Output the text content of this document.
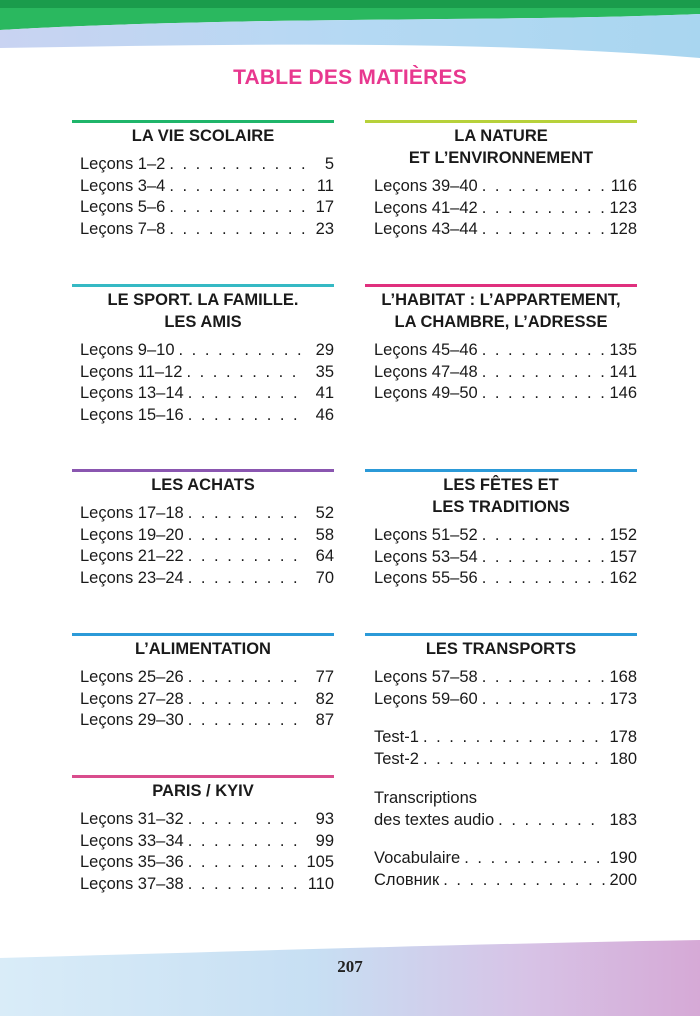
TABLE DES MATIÈRES
LA VIE SCOLAIRE
Leçons 1–2 . . .	5
Leçons 3–4 . . .	11
Leçons 5–6 . . .	17
Leçons 7–8 . . .	23
LE SPORT. LA FAMILLE.
LES AMIS
Leçons 9–10 . . .	29
Leçons 11–12 . . .	35
Leçons 13–14 . . .	41
Leçons 15–16 . . .	46
LES ACHATS
Leçons 17–18 . . .	52
Leçons 19–20 . . .	58
Leçons 21–22 . . .	64
Leçons 23–24 . . .	70
L’ALIMENTATION
Leçons 25–26 . . .	77
Leçons 27–28 . . .	82
Leçons 29–30 . . .	87
PARIS / KYIV
Leçons 31–32 . . .	93
Leçons 33–34 . . .	99
Leçons 35–36 . . .	105
Leçons 37–38 . . .	110
LA NATURE
ET L’ENVIRONNEMENT
Leçons 39–40 . . .	116
Leçons 41–42 . . .	123
Leçons 43–44 . . .	128
L’HABITAT : L’APPARTEMENT,
LA CHAMBRE, L’ADRESSE
Leçons 45–46 . . .	135
Leçons 47–48 . . .	141
Leçons 49–50 . . .	146
LES FÊTES ET
LES TRADITIONS
Leçons 51–52 . . .	152
Leçons 53–54 . . .	157
Leçons 55–56 . . .	162
LES TRANSPORTS
Leçons 57–58 . . .	168
Leçons 59–60 . . .	173
Test-1 . . .	178
Test-2 . . .	180
Transcriptions
des textes audio . . .	183
Vocabulaire . . .	190
Словник . . .	200
207
